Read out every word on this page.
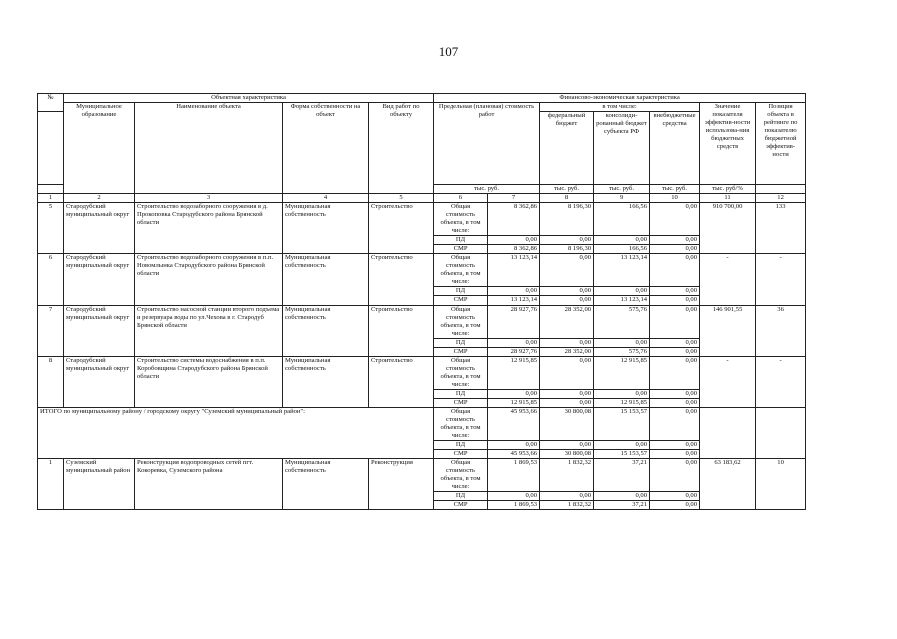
107
№	Объектная характеристика				Финансово-экономическая характеристика						
	Муниципальное образование	Наименование объекта	Форма собственности на объект	Вид работ по объекту	Предельная (плановая) стоимость работ		в том числе:			Значение показателя эффектив-ности использова-ния бюджетных средств	Позиция объекта в рейтинге по показателю бюджетной эффектив-ности
							федеральный бюджет	консолиди-рованный бюджет субъекта РФ	внебюджетные средства		
					тыс. руб.		тыс. руб.	тыс. руб.	тыс. руб.	тыс. руб/%	
1	2	3	4	5	6	7	8	9	10	11	12
5	Стародубский муниципальный округ	Строительство водозаборного сооружения в д. Прокоповка Стародубского района Брянской области	Муниципальная собственность	Строительство	Общая стоимость объекта, в том числе:	8 362,86	8 196,30	166,56	0,00	910 700,00	133
					ПД	0,00	0,00	0,00	0,00		
					СМР	8 362,86	8 196,30	166,56	0,00		
6	Стародубский муниципальный округ	Строительство водозаборного сооружения в п.п. Новомлынка Стародубского района Брянской области	Муниципальная собственность	Строительство	Общая стоимость объекта, в том числе:	13 123,14	0,00	13 123,14	0,00	-	-
					ПД	0,00	0,00	0,00	0,00		
					СМР	13 123,14	0,00	13 123,14	0,00		
7	Стародубский муниципальный округ	Строительство насосной станции второго подъема и резервуара воды по ул.Чехова в г. Стародуб Брянской области	Муниципальная собственность	Строительство	Общая стоимость объекта, в том числе:	28 927,76	28 352,00	575,76	0,00	146 901,55	36
					ПД	0,00	0,00	0,00	0,00		
					СМР	28 927,76	28 352,00	575,76	0,00		
8	Стародубский муниципальный округ	Строительство системы водоснабжения в п.п. Коробовщина Стародубского района Брянской области	Муниципальная собственность	Строительство	Общая стоимость объекта, в том числе:	12 915,85	0,00	12 915,85	0,00	-	-
					ПД	0,00	0,00	0,00	0,00		
					СМР	12 915,85	0,00	12 915,85	0,00		
ИТОГО по муниципальному району / городскому округу "Суземский муниципальный район":					Общая стоимость объекта, в том числе:	45 953,66	30 800,08	15 153,57	0,00		
					ПД	0,00	0,00	0,00	0,00		
					СМР	45 953,66	30 800,08	15 153,57	0,00		
1	Суземский муниципальный район	Реконструкция водопроводных сетей пгт. Кокоревка, Суземского района	Муниципальная собственность	Реконструкция	Общая стоимость объекта, в том числе:	1 869,53	1 832,32	37,21	0,00	63 183,62	10
					ПД	0,00	0,00	0,00	0,00		
					СМР	1 869,53	1 832,32	37,21	0,00		
